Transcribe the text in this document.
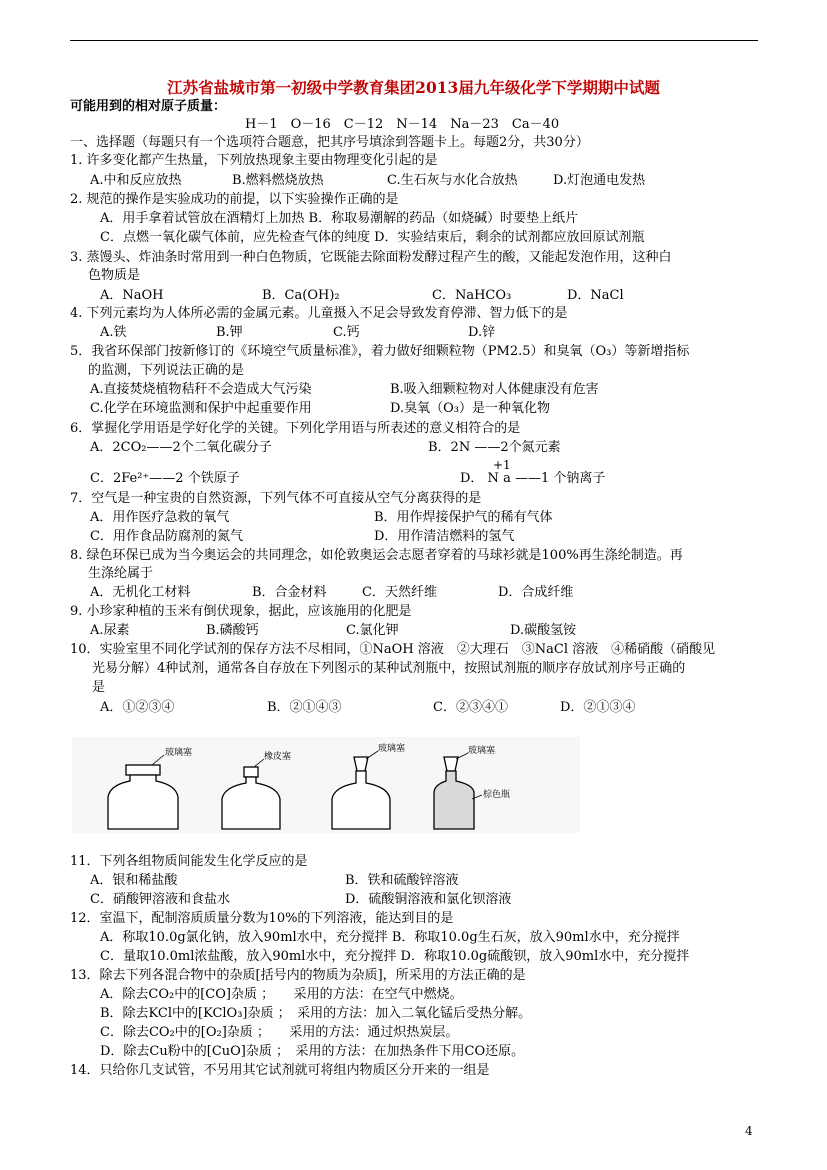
江苏省盐城市第一初级中学教育集团2013届九年级化学下学期期中试题
可能用到的相对原子质量：
H－1　O－16　C－12　N－14　Na－23　Ca－40
一、选择题（每题只有一个选项符合题意，把其序号填涂到答题卡上。每题2分，共30分）
1. 许多变化都产生热量，下列放热现象主要由物理变化引起的是
A.中和反应放热	B.燃料燃烧放热	C.生石灰与水化合放热	D.灯泡通电发热
2. 规范的操作是实验成功的前提，以下实验操作正确的是
A．用手拿着试管放在酒精灯上加热 B．称取易潮解的药品（如烧碱）时要垫上纸片
C．点燃一氧化碳气体前，应先检查气体的纯度 D．实验结束后，剩余的试剂都应放回原试剂瓶
3. 蒸馒头、炸油条时常用到一种白色物质，它既能去除面粉发酵过程产生的酸，又能起发泡作用，这种白
色物质是
A．NaOH	B．Ca(OH)₂	C．NaHCO₃	D．NaCl
4. 下列元素均为人体所必需的金属元素。儿童摄入不足会导致发育停滞、智力低下的是
A.铁	B.钾	C.钙	D.锌
5．我省环保部门按新修订的《环境空气质量标准》，着力做好细颗粒物（PM2.5）和臭氧（O₃）等新增指标
的监测，下列说法正确的是
A.直接焚烧植物秸秆不会造成大气污染	B.吸入细颗粒物对人体健康没有危害
C.化学在环境监测和保护中起重要作用	D.臭氧（O₃）是一种氧化物
6．掌握化学用语是学好化学的关键。下列化学用语与所表述的意义相符合的是
A．2CO₂——2个二氧化碳分子	B．2N ——2个氮元素
+1
C．2Fe²⁺——2 个铁原子	D． N a ——1 个钠离子
7．空气是一种宝贵的自然资源，下列气体不可直接从空气分离获得的是
A．用作医疗急救的氧气	B．用作焊接保护气的稀有气体
C．用作食品防腐剂的氮气	D．用作清洁燃料的氢气
8. 绿色环保已成为当今奥运会的共同理念，如伦敦奥运会志愿者穿着的马球衫就是100%再生涤纶制造。再
生涤纶属于
A．无机化工材料	B．合金材料	C．天然纤维	D．合成纤维
9. 小珍家种植的玉米有倒伏现象，据此，应该施用的化肥是
A.尿素	B.磷酸钙	C.氯化钾	D.碳酸氢铵
10．实验室里不同化学试剂的保存方法不尽相同，①NaOH 溶液　②大理石　③NaCl 溶液　④稀硝酸（硝酸见
光易分解）4种试剂，通常各自存放在下列图示的某种试剂瓶中，按照试剂瓶的顺序存放试剂序号正确的
是
A．①②③④	B．②①④③	C．②③④①	D．②①③④
玻璃塞	橡皮塞
玻璃塞	玻璃塞
棕色瓶
11．下列各组物质间能发生化学反应的是
A．银和稀盐酸	B．铁和硫酸锌溶液
C．硝酸钾溶液和食盐水	D．硫酸铜溶液和氯化钡溶液
12．室温下，配制溶质质量分数为10%的下列溶液，能达到目的是
A．称取10.0g氯化钠，放入90ml水中，充分搅拌 B．称取10.0g生石灰，放入90ml水中，充分搅拌
C．量取10.0ml浓盐酸，放入90ml水中，充分搅拌 D．称取10.0g硫酸钡，放入90ml水中，充分搅拌
13．除去下列各混合物中的杂质[括号内的物质为杂质]，所采用的方法正确的是
A．除去CO₂中的[CO]杂质 ；　　采用的方法：在空气中燃烧。
B．除去KCl中的[KClO₃]杂质 ；　采用的方法：加入二氧化锰后受热分解。
C．除去CO₂中的[O₂]杂质 ；　　采用的方法：通过炽热炭层。
D．除去Cu粉中的[CuO]杂质 ；　采用的方法：在加热条件下用CO还原。
14．只给你几支试管，不另用其它试剂就可将组内物质区分开来的一组是
4
